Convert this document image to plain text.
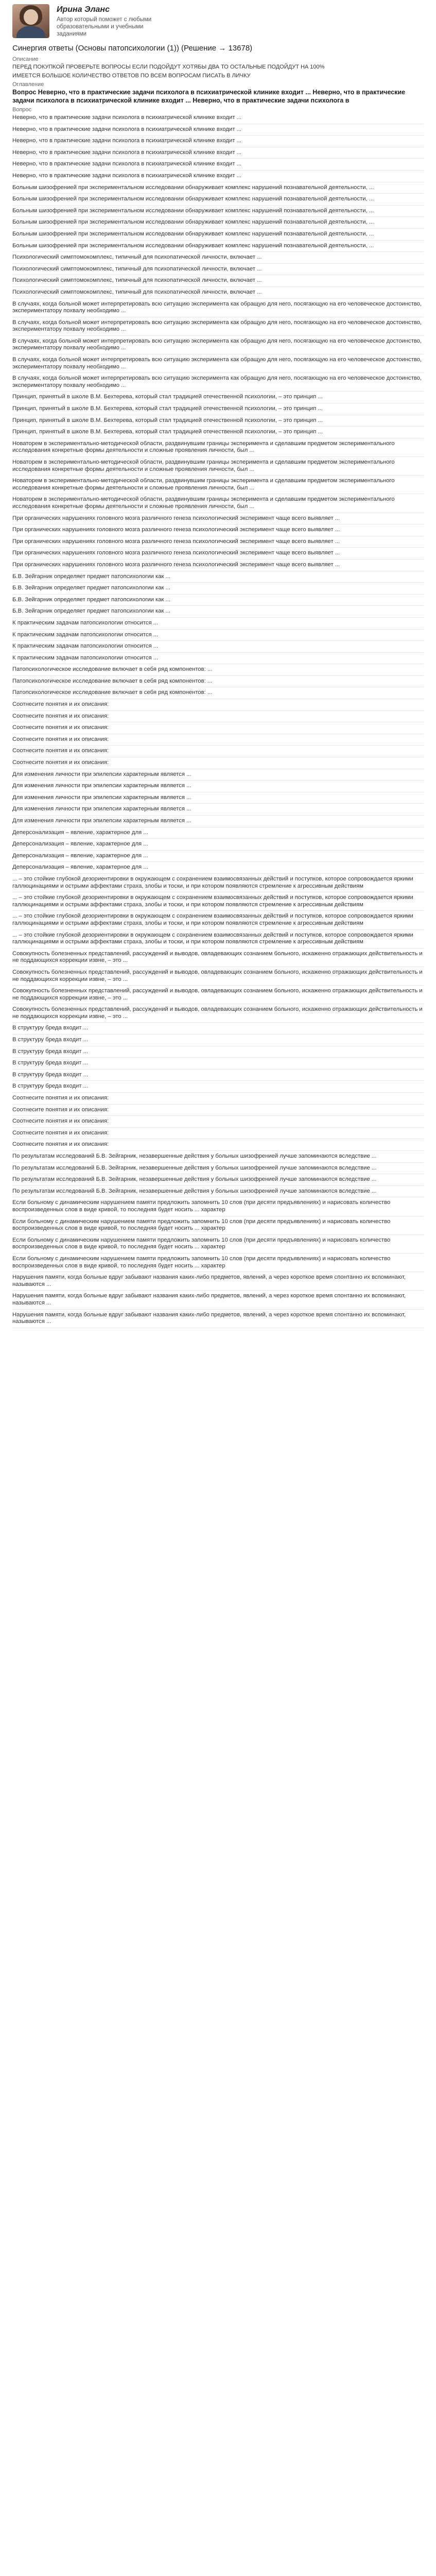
Ирина Эланс
Автор который поможет с любыми образовательными и учебными заданиями
Синергия ответы (Основы патопсихологии (1)) (Решение → 13678)
Описание

ПЕРЕД ПОКУПКОЙ ПРОВЕРЬТЕ ВОПРОСЫ ЕСЛИ ПОДОЙДУТ ХОТЯБЫ ДВА ТО ОСТАЛЬНЫЕ ПОДОЙДУТ НА 100%

ИМЕЕТСЯ БОЛЬШОЕ КОЛИЧЕСТВО ОТВЕТОВ ПО ВСЕМ ВОПРОСАМ ПИСАТЬ В ЛИЧКУ

Оглавление
Вопрос Неверно, что в практические задачи психолога в психиатрической клинике входит ... Неверно, что в практические задачи психолога в психиатрической клинике входит ... Неверно, что в практические задачи психолога в
Вопрос
Неверно, что в практические задачи психолога в психиатрической клинике входит ...
Неверно, что в практические задачи психолога в психиатрической клинике входит ...
Неверно, что в практические задачи психолога в психиатрической клинике входит ...
Неверно, что в практические задачи психолога в психиатрической клинике входит ...
Неверно, что в практические задачи психолога в психиатрической клинике входит ...
Неверно, что в практические задачи психолога в психиатрической клинике входит ...
Больным шизофренией при экспериментальном исследовании обнаруживает комплекс нарушений познавательной деятельности, ...
Больным шизофренией при экспериментальном исследовании обнаруживает комплекс нарушений познавательной деятельности, ...
Больным шизофренией при экспериментальном исследовании обнаруживает комплекс нарушений познавательной деятельности, ...
Больным шизофренией при экспериментальном исследовании обнаруживает комплекс нарушений познавательной деятельности, ...
Больным шизофренией при экспериментальном исследовании обнаруживает комплекс нарушений познавательной деятельности, ...
Больным шизофренией при экспериментальном исследовании обнаруживает комплекс нарушений познавательной деятельности, ...
Психологический симптомокомплекс, типичный для психопатической личности, включает ...
Психологический симптомокомплекс, типичный для психопатической личности, включает ...
Психологический симптомокомплекс, типичный для психопатической личности, включает ...
Психологический симптомокомплекс, типичный для психопатической личности, включает ...
В случаях, когда больной может интерпретировать всю ситуацию эксперимента как обращую для него, посягающую на его человеческое достоинство, экспериментатору похвалу необходимо ...
В случаях, когда больной может интерпретировать всю ситуацию эксперимента как обращую для него, посягающую на его человеческое достоинство, экспериментатору похвалу необходимо ...
В случаях, когда больной может интерпретировать всю ситуацию эксперимента как обращую для него, посягающую на его человеческое достоинство, экспериментатору похвалу необходимо ...
В случаях, когда больной может интерпретировать всю ситуацию эксперимента как обращую для него, посягающую на его человеческое достоинство, экспериментатору похвалу необходимо ...
В случаях, когда больной может интерпретировать всю ситуацию эксперимента как обращую для него, посягающую на его человеческое достоинство, экспериментатору похвалу необходимо ...
Принцип, принятый в школе В.М. Бехтерева, который стал традицией отечественной психологии, – это принцип ...
Принцип, принятый в школе В.М. Бехтерева, который стал традицией отечественной психологии, – это принцип ...
Принцип, принятый в школе В.М. Бехтерева, который стал традицией отечественной психологии, – это принцип ...
Принцип, принятый в школе В.М. Бехтерева, который стал традицией отечественной психологии, – это принцип ...
Новаторем в экспериментально-методической области, раздвинувшим границы эксперимента и сделавшим предметом экспериментального исследования конкретные формы деятельности и сложные проявления личности, был ...
Новаторем в экспериментально-методической области, раздвинувшим границы эксперимента и сделавшим предметом экспериментального исследования конкретные формы деятельности и сложные проявления личности, был ...
Новаторем в экспериментально-методической области, раздвинувшим границы эксперимента и сделавшим предметом экспериментального исследования конкретные формы деятельности и сложные проявления личности, был ...
Новаторем в экспериментально-методической области, раздвинувшим границы эксперимента и сделавшим предметом экспериментального исследования конкретные формы деятельности и сложные проявления личности, был ...
При органических нарушениях головного мозга различного генеза психологический эксперимент чаще всего выявляет ...
При органических нарушениях головного мозга различного генеза психологический эксперимент чаще всего выявляет ...
При органических нарушениях головного мозга различного генеза психологический эксперимент чаще всего выявляет ...
При органических нарушениях головного мозга различного генеза психологический эксперимент чаще всего выявляет ...
При органических нарушениях головного мозга различного генеза психологический эксперимент чаще всего выявляет ...
Б.В. Зейгарник определяет предмет патопсихологии как ...
Б.В. Зейгарник определяет предмет патопсихологии как ...
Б.В. Зейгарник определяет предмет патопсихологии как ...
Б.В. Зейгарник определяет предмет патопсихологии как ...
К практическим задачам патопсихологии относится ...
К практическим задачам патопсихологии относится ...
К практическим задачам патопсихологии относится ...
К практическим задачам патопсихологии относится ...
Патопсихологическое исследование включает в себя ряд компонентов: ...
Патопсихологическое исследование включает в себя ряд компонентов: ...
Патопсихологическое исследование включает в себя ряд компонентов: ...
Соотнесите понятия и их описания:
Соотнесите понятия и их описания:
Соотнесите понятия и их описания:
Соотнесите понятия и их описания:
Соотнесите понятия и их описания:
Соотнесите понятия и их описания:
Для изменения личности при эпилепсии характерным является ...
Для изменения личности при эпилепсии характерным является ...
Для изменения личности при эпилепсии характерным является ...
Для изменения личности при эпилепсии характерным является ...
Для изменения личности при эпилепсии характерным является ...
Деперсонализация – явление, характерное для ...
Деперсонализация – явление, характерное для ...
Деперсонализация – явление, характерное для ...
Деперсонализация – явление, характерное для ...
... – это стойкие глубокой дезориентировки в окружающем с сохранением взаимосвязанных действий и поступков, которое сопровождается яркими галлюцинациями и острыми аффектами страха, злобы и тоски, и при котором появляются стремление к агрессивным действиям
... – это стойкие глубокой дезориентировки в окружающем с сохранением взаимосвязанных действий и поступков, которое сопровождается яркими галлюцинациями и острыми аффектами страха, злобы и тоски, и при котором появляются стремление к агрессивным действиям
... – это стойкие глубокой дезориентировки в окружающем с сохранением взаимосвязанных действий и поступков, которое сопровождается яркими галлюцинациями и острыми аффектами страха, злобы и тоски, и при котором появляются стремление к агрессивным действиям
... – это стойкие глубокой дезориентировки в окружающем с сохранением взаимосвязанных действий и поступков, которое сопровождается яркими галлюцинациями и острыми аффектами страха, злобы и тоски, и при котором появляются стремление к агрессивным действиям
Совокупность болезненных представлений, рассуждений и выводов, овладевающих сознанием больного, искаженно отражающих действительность и не поддающихся коррекции извне, – это ...
Совокупность болезненных представлений, рассуждений и выводов, овладевающих сознанием больного, искаженно отражающих действительность и не поддающихся коррекции извне, – это ...
Совокупность болезненных представлений, рассуждений и выводов, овладевающих сознанием больного, искаженно отражающих действительность и не поддающихся коррекции извне, – это ...
Совокупность болезненных представлений, рассуждений и выводов, овладевающих сознанием больного, искаженно отражающих действительность и не поддающихся коррекции извне, – это ...
В структуру бреда входит ...
В структуру бреда входит ...
В структуру бреда входит ...
В структуру бреда входит ...
В структуру бреда входит ...
В структуру бреда входит ...
Соотнесите понятия и их описания:
Соотнесите понятия и их описания:
Соотнесите понятия и их описания:
Соотнесите понятия и их описания:
Соотнесите понятия и их описания:
По результатам исследований Б.В. Зейгарник, незавершенные действия у больных шизофренией лучше запоминаются вследствие ...
По результатам исследований Б.В. Зейгарник, незавершенные действия у больных шизофренией лучше запоминаются вследствие ...
По результатам исследований Б.В. Зейгарник, незавершенные действия у больных шизофренией лучше запоминаются вследствие ...
По результатам исследований Б.В. Зейгарник, незавершенные действия у больных шизофренией лучше запоминаются вследствие ...
Если больному с динамическим нарушением памяти предложить запомнить 10 слов (при десяти предъявлениях) и нарисовать количество воспроизведенных слов в виде кривой, то последняя будет носить ... характер
Если больному с динамическим нарушением памяти предложить запомнить 10 слов (при десяти предъявлениях) и нарисовать количество воспроизведенных слов в виде кривой, то последняя будет носить ... характер
Если больному с динамическим нарушением памяти предложить запомнить 10 слов (при десяти предъявлениях) и нарисовать количество воспроизведенных слов в виде кривой, то последняя будет носить ... характер
Если больному с динамическим нарушением памяти предложить запомнить 10 слов (при десяти предъявлениях) и нарисовать количество воспроизведенных слов в виде кривой, то последняя будет носить ... характер
Нарушения памяти, когда больные вдруг забывают названия каких-либо предметов, явлений, а через короткое время спонтанно их вспоминают, называются ...
Нарушения памяти, когда больные вдруг забывают названия каких-либо предметов, явлений, а через короткое время спонтанно их вспоминают, называются ...
Нарушения памяти, когда больные вдруг забывают названия каких-либо предметов, явлений, а через короткое время спонтанно их вспоминают, называются ...
